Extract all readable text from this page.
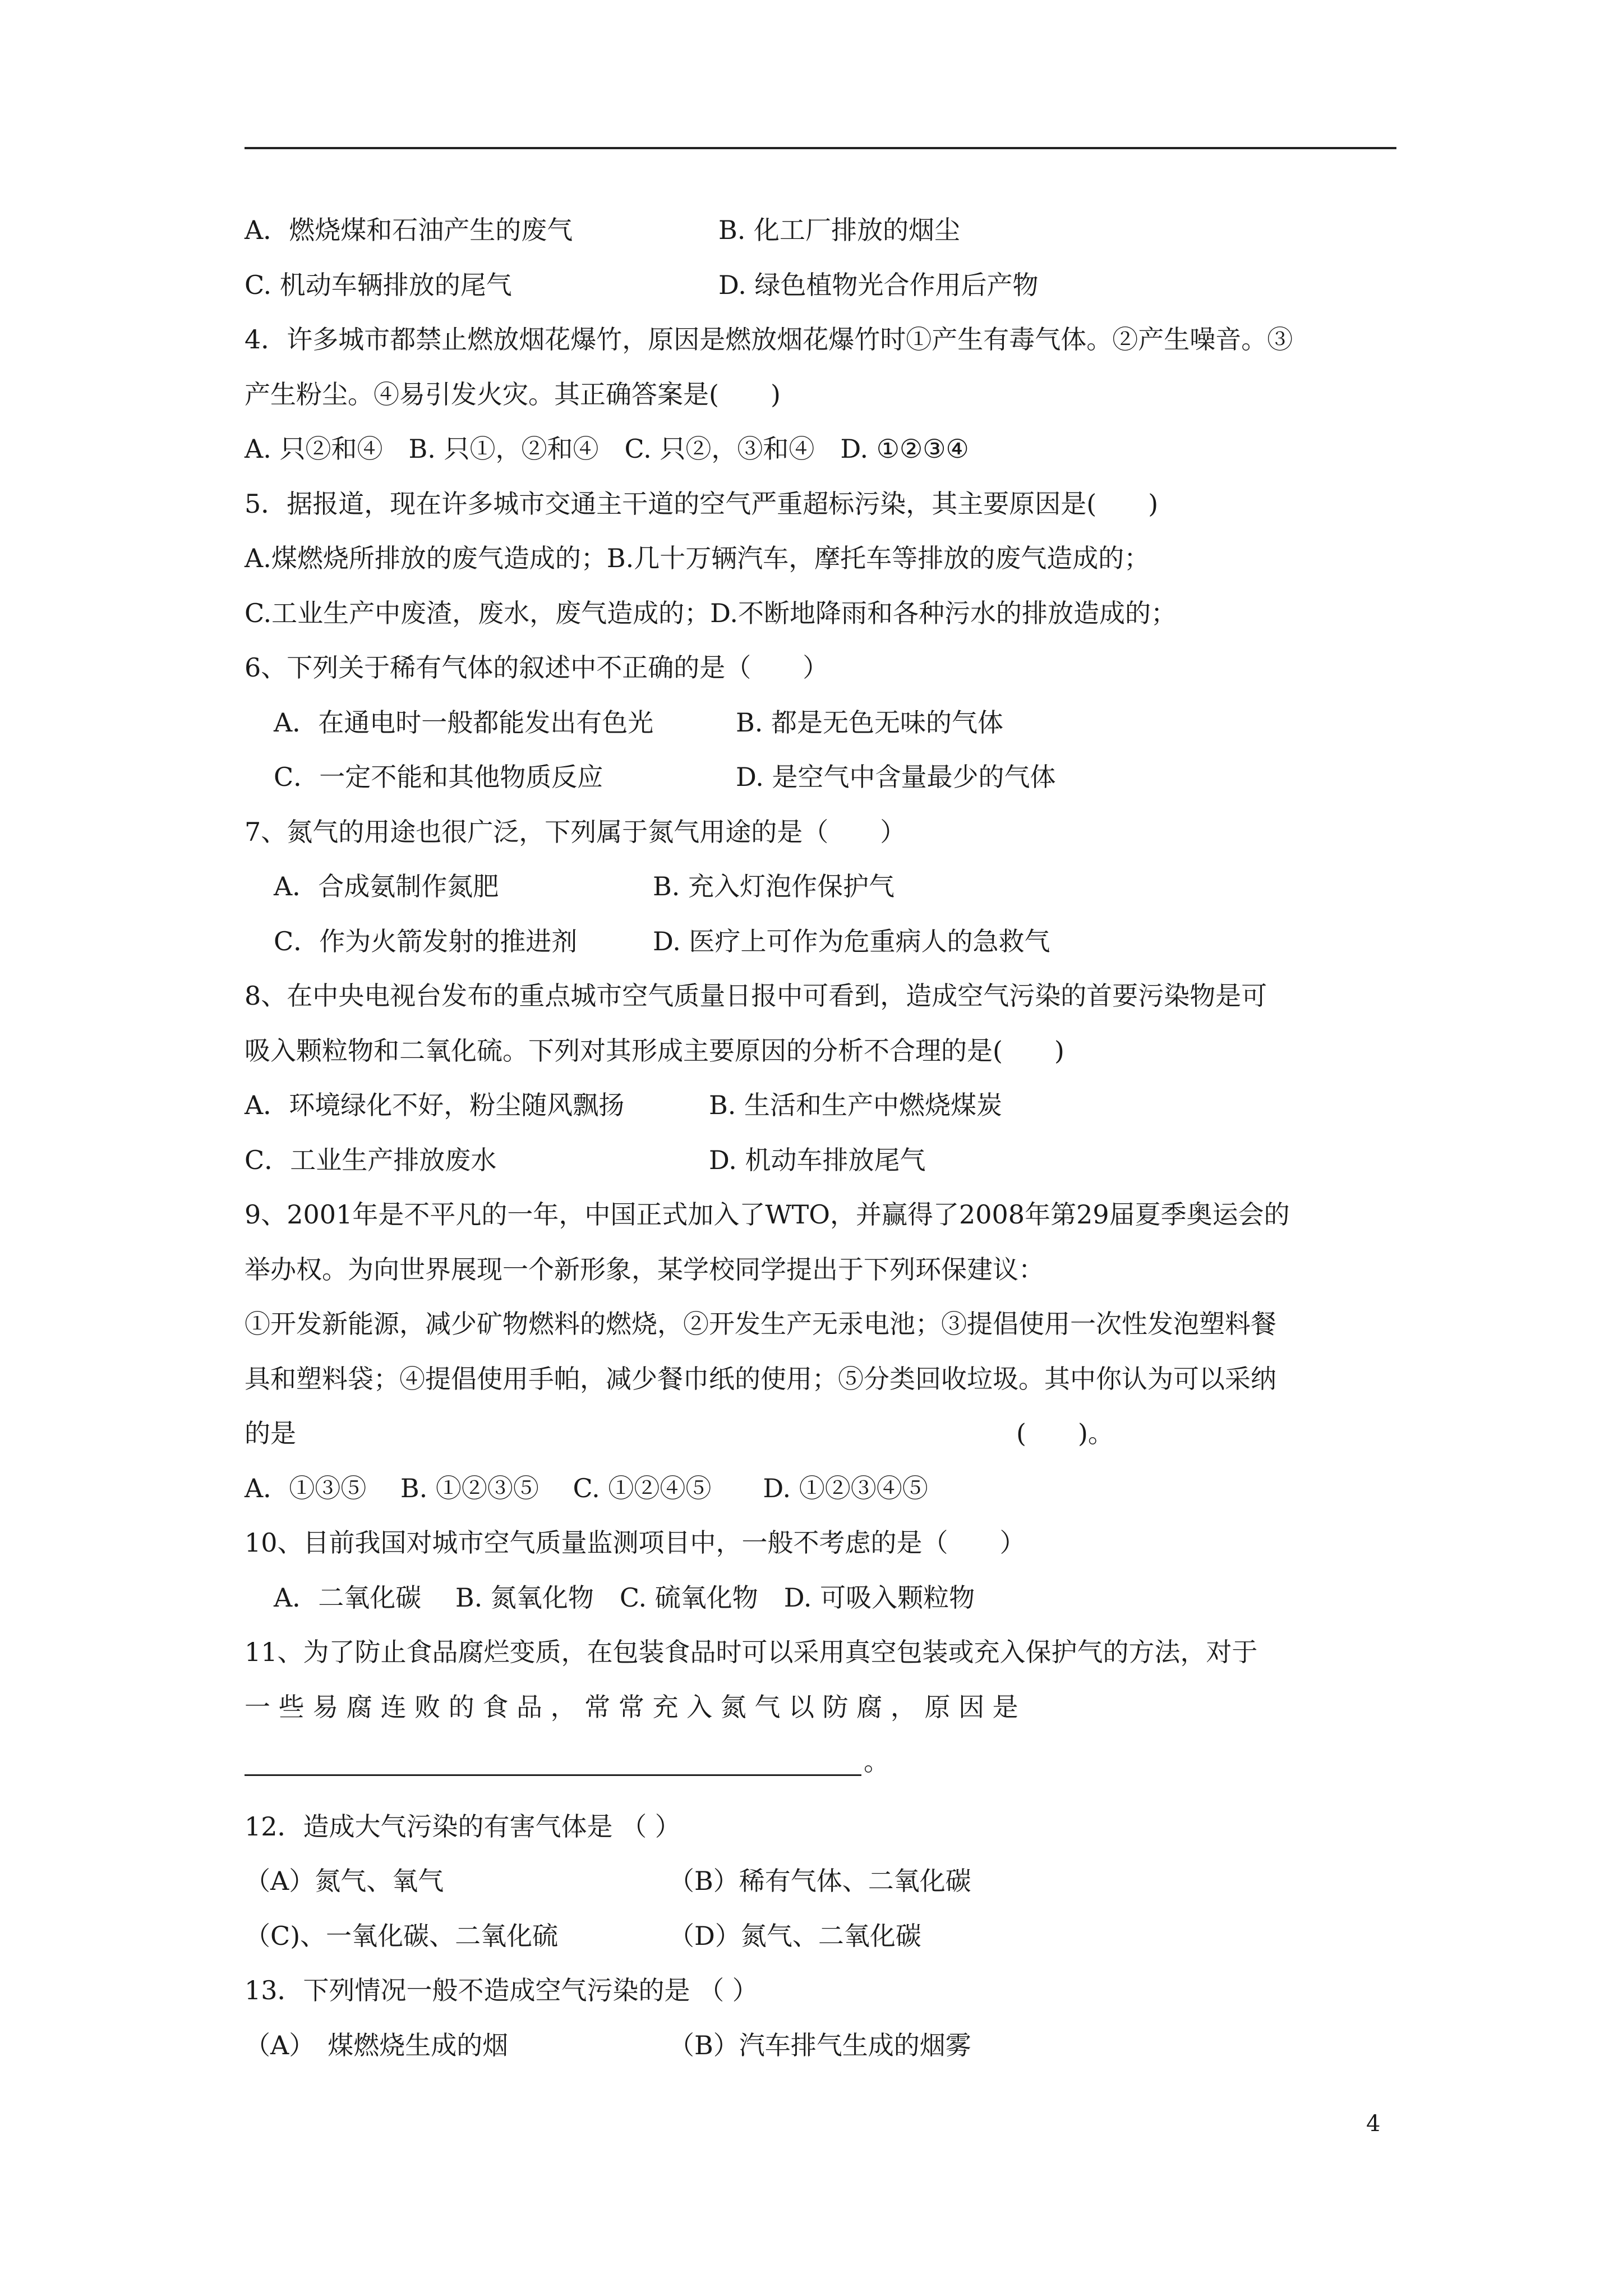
A．燃烧煤和石油产生的废气	B. 化工厂排放的烟尘
C. 机动车辆排放的尾气	D. 绿色植物光合作用后产物
4．许多城市都禁止燃放烟花爆竹，原因是燃放烟花爆竹时①产生有毒气体。②产生噪音。③
产生粉尘。④易引发火灾。其正确答案是(　　)
A. 只②和④　B. 只①，②和④　C. 只②，③和④　D. ①②③④
5．据报道，现在许多城市交通主干道的空气严重超标污染，其主要原因是(　　)
A.煤燃烧所排放的废气造成的；B.几十万辆汽车，摩托车等排放的废气造成的；
C.工业生产中废渣，废水，废气造成的；D.不断地降雨和各种污水的排放造成的；
6、下列关于稀有气体的叙述中不正确的是（　　）
A．在通电时一般都能发出有色光	B. 都是无色无味的气体
C．一定不能和其他物质反应	D. 是空气中含量最少的气体
7、氮气的用途也很广泛，下列属于氮气用途的是（　　）
A．合成氨制作氮肥	B. 充入灯泡作保护气
C．作为火箭发射的推进剂	D. 医疗上可作为危重病人的急救气
8、在中央电视台发布的重点城市空气质量日报中可看到，造成空气污染的首要污染物是可
吸入颗粒物和二氧化硫。下列对其形成主要原因的分析不合理的是(　　)
A．环境绿化不好，粉尘随风飘扬	B. 生活和生产中燃烧煤炭
C．工业生产排放废水	D. 机动车排放尾气
9、2001年是不平凡的一年，中国正式加入了WTO，并赢得了2008年第29届夏季奥运会的
举办权。为向世界展现一个新形象，某学校同学提出于下列环保建议：
①开发新能源，减少矿物燃料的燃烧，②开发生产无汞电池；③提倡使用一次性发泡塑料餐
具和塑料袋；④提倡使用手帕，减少餐巾纸的使用；⑤分类回收垃圾。其中你认为可以采纳
的是	(　　)。
A．①③⑤　 B. ①②③⑤　 C. ①②④⑤　　D. ①②③④⑤
10、目前我国对城市空气质量监测项目中，一般不考虑的是（　　）
A．二氧化碳　 B. 氮氧化物　C. 硫氧化物　D. 可吸入颗粒物
11、为了防止食品腐烂变质，在包装食品时可以采用真空包装或充入保护气的方法，对于
一 些 易 腐 连 败 的 食 品 ， 常 常 充 入 氮 气 以 防 腐 ， 原 因 是
。
12．造成大气污染的有害气体是 （ ）
（A）氮气、氧气	（B）稀有气体、二氧化碳
（C)、一氧化碳、二氧化硫	（D）氮气、二氧化碳
13．下列情况一般不造成空气污染的是 （ ）
（A）　煤燃烧生成的烟	（B）汽车排气生成的烟雾
4
